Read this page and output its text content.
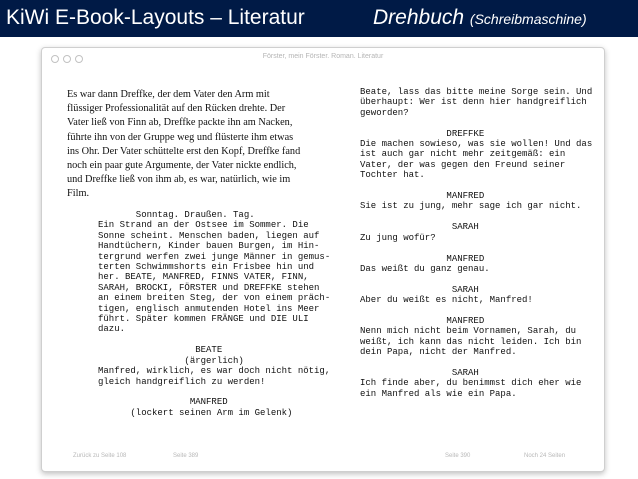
KiWi E-Book-Layouts – Literatur	Drehbuch (Schreibmaschine)
Förster, mein Förster. Roman. Literatur
Es war dann Dreffke, der dem Vater den Arm mit
flüssiger Professionalität auf den Rücken drehte. Der
Vater ließ von Finn ab, Dreffke packte ihn am Nacken,
führte ihn von der Gruppe weg und flüsterte ihm etwas
ins Ohr. Der Vater schüttelte erst den Kopf, Dreffke fand
noch ein paar gute Argumente, der Vater nickte endlich,
und Dreffke ließ von ihm ab, es war, natürlich, wie im
Film.
Sonntag. Draußen. Tag.
Ein Strand an der Ostsee im Sommer. Die
Sonne scheint. Menschen baden, liegen auf
Handtüchern, Kinder bauen Burgen, im Hin-
tergrund werfen zwei junge Männer in gemus-
terten Schwimmshorts ein Frisbee hin und
her. BEATE, MANFRED, FINNS VATER, FINN,
SARAH, BROCKI, FÖRSTER und DREFFKE stehen
an einem breiten Steg, der von einem präch-
tigen, englisch anmutenden Hotel ins Meer
führt. Später kommen FRÄNGE und DIE ULI
dazu.

BEATE
(ärgerlich)
Manfred, wirklich, es war doch nicht nötig,
gleich handgreiflich zu werden!

MANFRED
(lockert seinen Arm im Gelenk)
Beate, lass das bitte meine Sorge sein. Und
überhaupt: Wer ist denn hier handgreiflich
geworden?

DREFFKE
Die machen sowieso, was sie wollen! Und das
ist auch gar nicht mehr zeitgemäß: ein
Vater, der was gegen den Freund seiner
Tochter hat.

MANFRED
Sie ist zu jung, mehr sage ich gar nicht.

SARAH
Zu jung wofür?

MANFRED
Das weißt du ganz genau.

SARAH
Aber du weißt es nicht, Manfred!

MANFRED
Nenn mich nicht beim Vornamen, Sarah, du
weißt, ich kann das nicht leiden. Ich bin
dein Papa, nicht der Manfred.

SARAH
Ich finde aber, du benimmst dich eher wie
ein Manfred als wie ein Papa.
Zurück zu Seite 108	Seite 389	Seite 390	Noch 24 Seiten
